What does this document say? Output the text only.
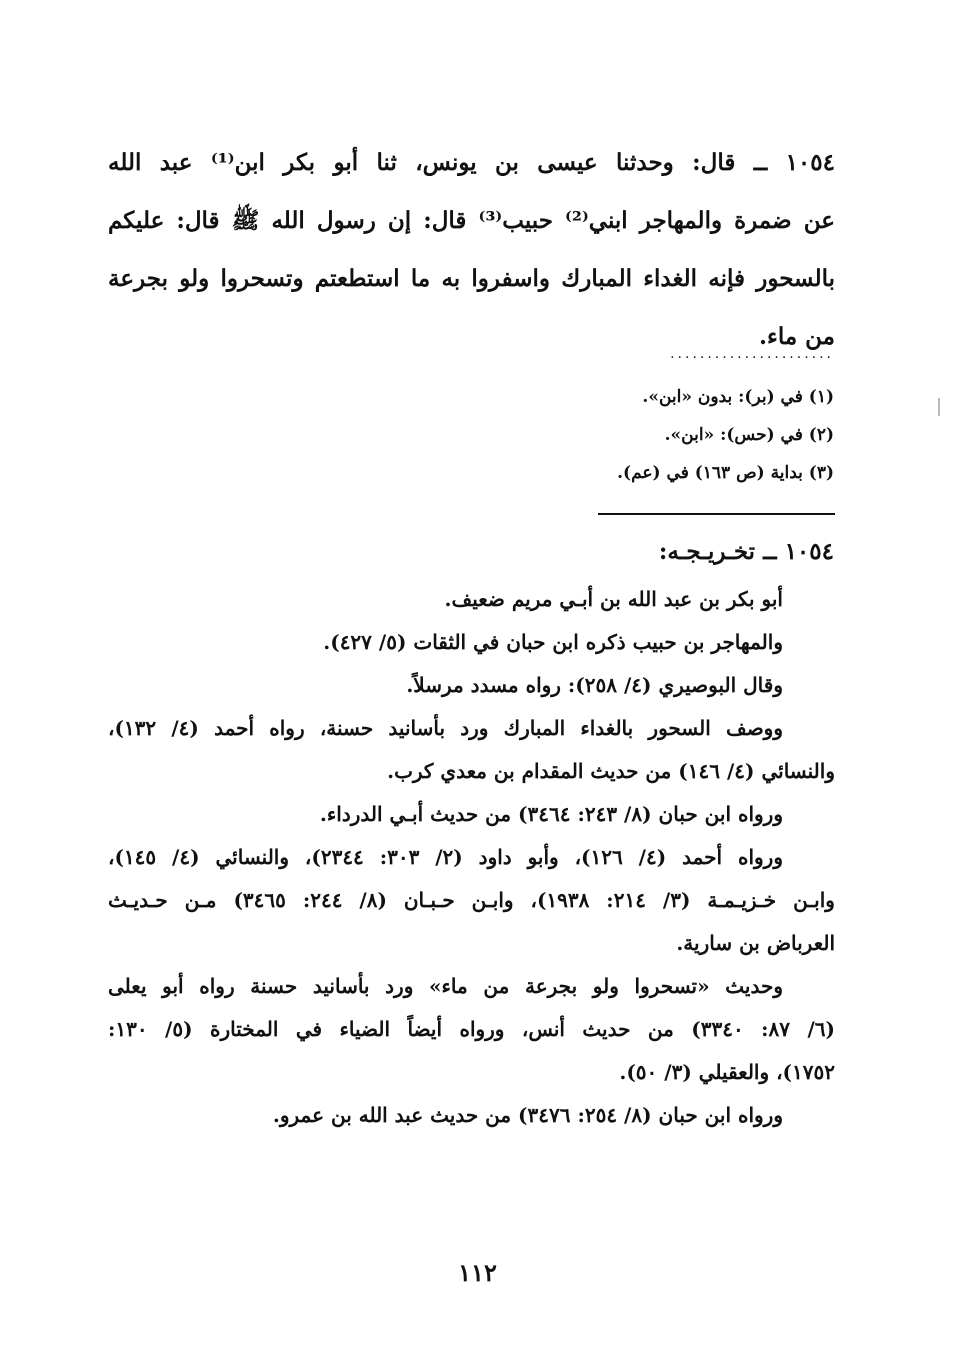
١٠٥٤ ــ قال: وحدثنا عيسى بن يونس، ثنا أبو بكر ابن⁽¹⁾ عبد الله
عن ضمرة والمهاجر ابني⁽²⁾ حبيب⁽³⁾ قال: إن رسول الله ﷺ قال: عليكم
بالسحور فإنه الغداء المبارك واسفروا به ما استطعتم وتسحروا ولو بجرعة
من ماء.
......................
(١) في (بر): بدون «ابن».
(٢) في (حس): «ابن».
(٣) بداية (ص ١٦٣) في (عم).
١٠٥٤ ــ تخـريـجـه:
أبو بكر بن عبد الله بن أبـي مريم ضعيف.
والمهاجر بن حبيب ذكره ابن حبان في الثقات (٥/ ٤٢٧).
وقال البوصيري (٤/ ٢٥٨): رواه مسدد مرسلاً.
ووصف السحور بالغداء المبارك ورد بأسانيد حسنة، رواه أحمد (٤/ ١٣٢)،
والنسائي (٤/ ١٤٦) من حديث المقدام بن معدي كرب.
ورواه ابن حبان (٨/ ٢٤٣: ٣٤٦٤) من حديث أبـي الدرداء.
ورواه أحمد (٤/ ١٢٦)، وأبو داود (٢/ ٣٠٣: ٢٣٤٤)، والنسائي (٤/ ١٤٥)،
وابـن خـزيـمـة (٣/ ٢١٤: ١٩٣٨)، وابـن حـبـان (٨/ ٢٤٤: ٣٤٦٥) مـن حـديـث
العرباض بن سارية.
وحديث «تسحروا ولو بجرعة من ماء» ورد بأسانيد حسنة رواه أبو يعلى
(٦/ ٨٧: ٣٣٤٠) من حديث أنس، ورواه أيضاً الضياء في المختارة (٥/ ١٣٠:
١٧٥٢)، والعقيلي (٣/ ٥٠).
ورواه ابن حبان (٨/ ٢٥٤: ٣٤٧٦) من حديث عبد الله بن عمرو.
١١٢
